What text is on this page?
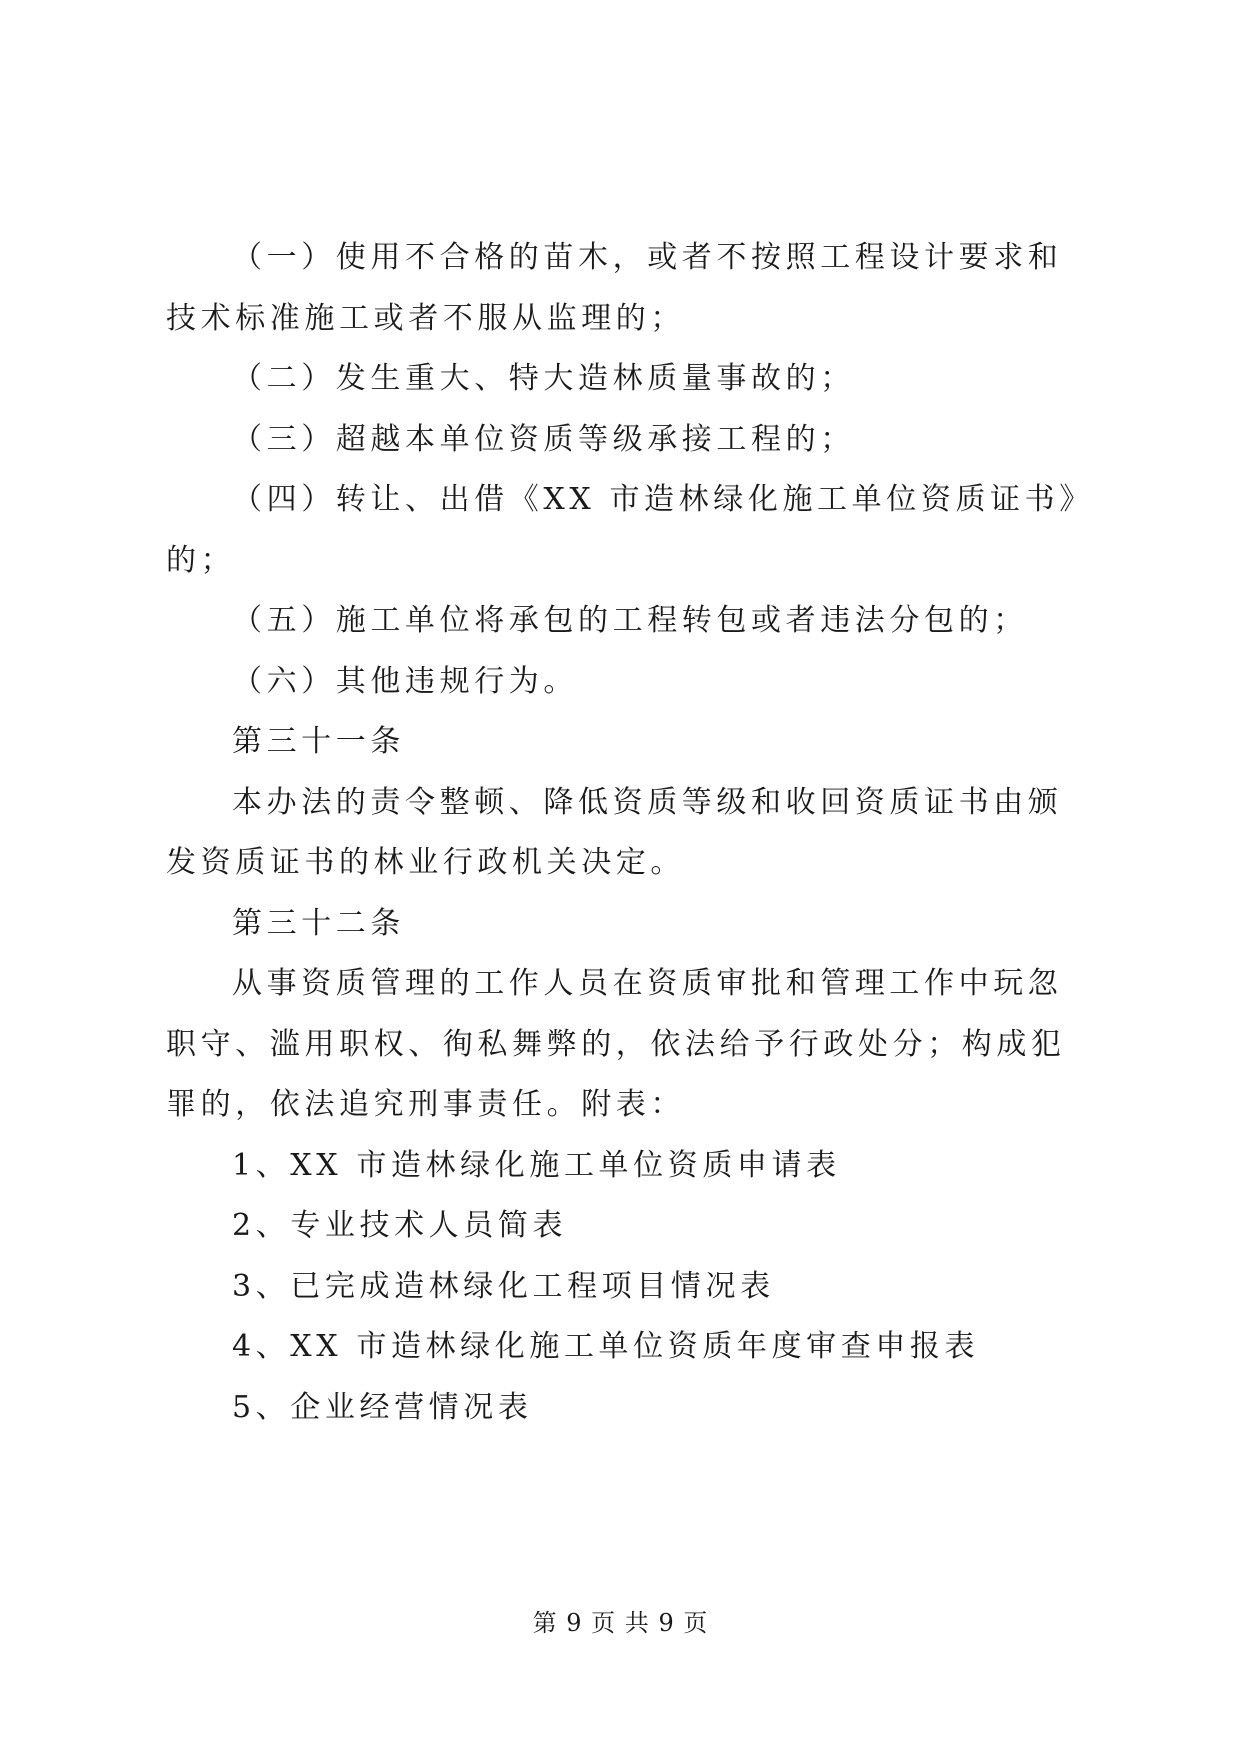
（一）使用不合格的苗木，或者不按照工程设计要求和技术标准施工或者不服从监理的；

（二）发生重大、特大造林质量事故的；

（三）超越本单位资质等级承接工程的；

（四）转让、出借《XX 市造林绿化施工单位资质证书》的；

（五）施工单位将承包的工程转包或者违法分包的；

（六）其他违规行为。

第三十一条

本办法的责令整顿、降低资质等级和收回资质证书由颁发资质证书的林业行政机关决定。

第三十二条

从事资质管理的工作人员在资质审批和管理工作中玩忽职守、滥用职权、徇私舞弊的，依法给予行政处分；构成犯罪的，依法追究刑事责任。附表：

1、XX 市造林绿化施工单位资质申请表

2、专业技术人员简表

3、已完成造林绿化工程项目情况表

4、XX 市造林绿化施工单位资质年度审查申报表

5、企业经营情况表

第 9 页 共 9 页
